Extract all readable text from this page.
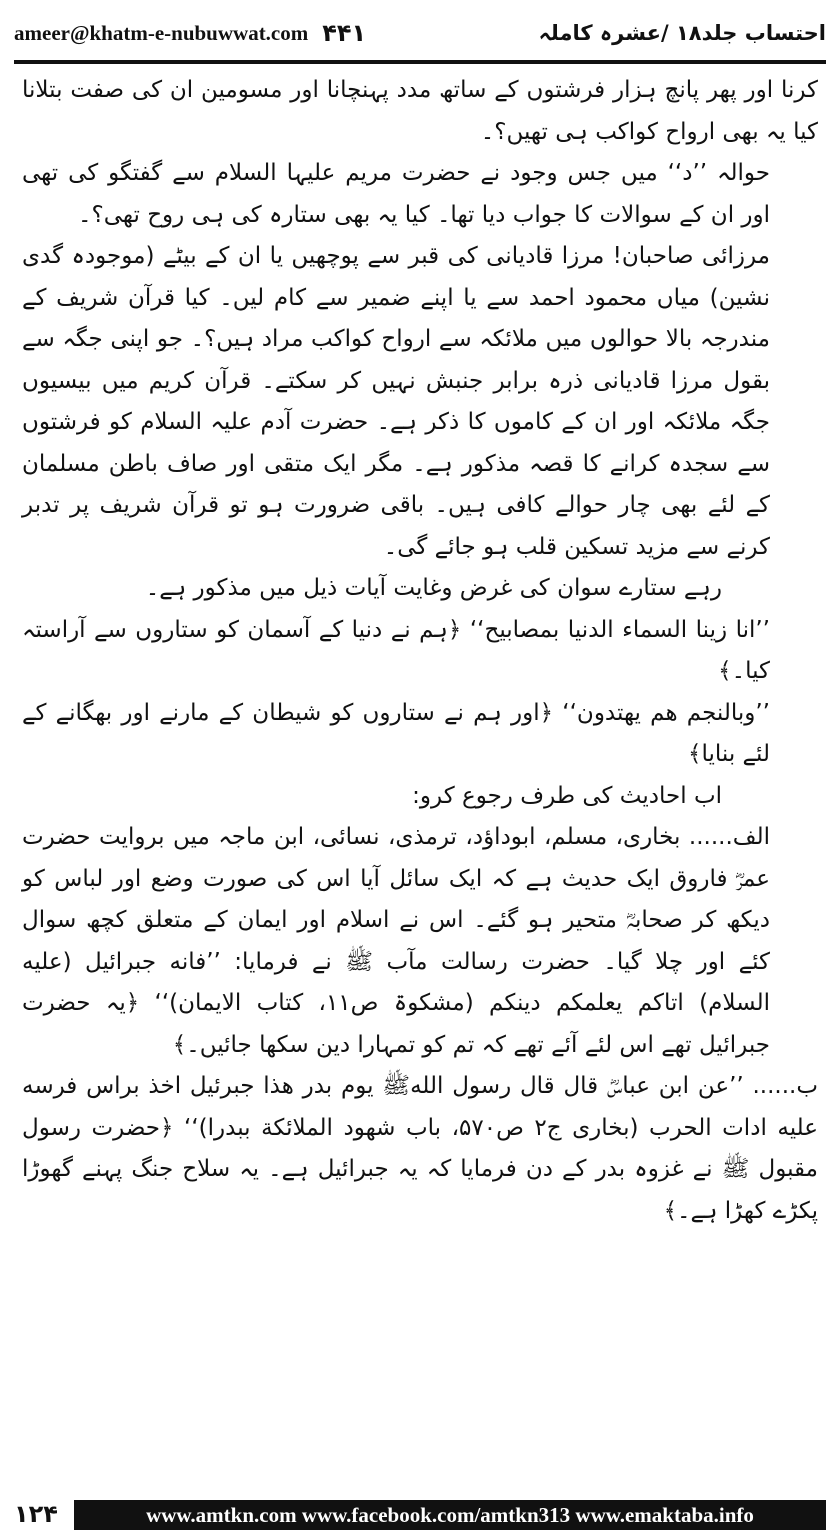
ameer@khatm-e-nubuwwat.com ۴۴۱	احتساب جلد۱۸ /عشرہ کاملہ

کرنا اور پھر پانچ ہزار فرشتوں کے ساتھ مدد پہنچانا اور مسومین ان کی صفت بتلانا کیا یہ بھی ارواح کواکب ہی تھیں؟۔

حوالہ ’’د‘‘ میں جس وجود نے حضرت مریم علیہا السلام سے گفتگو کی تھی اور ان کے سوالات کا جواب دیا تھا۔ کیا یہ بھی ستارہ کی ہی روح تھی؟۔

مرزائی صاحبان! مرزا قادیانی کی قبر سے پوچھیں یا ان کے بیٹے (موجودہ گدی نشین) میاں محمود احمد سے یا اپنے ضمیر سے کام لیں۔ کیا قرآن شریف کے مندرجہ بالا حوالوں میں ملائکہ سے ارواح کواکب مراد ہیں؟۔ جو اپنی جگہ سے بقول مرزا قادیانی ذرہ برابر جنبش نہیں کر سکتے۔ قرآن کریم میں بیسیوں جگہ ملائکہ اور ان کے کاموں کا ذکر ہے۔ حضرت آدم علیہ السلام کو فرشتوں سے سجدہ کرانے کا قصہ مذکور ہے۔ مگر ایک متقی اور صاف باطن مسلمان کے لئے بھی چار حوالے کافی ہیں۔ باقی ضرورت ہو تو قرآن شریف پر تدبر کرنے سے مزید تسکین قلب ہو جائے گی۔

رہے ستارے سوان کی غرض وغایت آیات ذیل میں مذکور ہے۔

’’انا زینا السماء الدنیا بمصابیح‘‘ ﴿ہم نے دنیا کے آسمان کو ستاروں سے آراستہ کیا۔﴾

’’وبالنجم هم یهتدون‘‘ ﴿اور ہم نے ستاروں کو شیطان کے مارنے اور بھگانے کے لئے بنایا﴾

اب احادیث کی طرف رجوع کرو:

الف...... بخاری، مسلم، ابوداؤد، ترمذی، نسائی، ابن ماجہ میں بروایت حضرت عمرؓ فاروق ایک حدیث ہے کہ ایک سائل آیا اس کی صورت وضع اور لباس کو دیکھ کر صحابہؓ متحیر ہو گئے۔ اس نے اسلام اور ایمان کے متعلق کچھ سوال کئے اور چلا گیا۔ حضرت رسالت مآب ﷺ نے فرمایا: ’’فانه جبرائیل (علیه السلام) اتاکم یعلمکم دینکم (مشکوۃ ص۱۱، کتاب الایمان)‘‘ ﴿یہ حضرت جبرائیل تھے اس لئے آئے تھے کہ تم کو تمہارا دین سکھا جائیں۔﴾

ب...... ’’عن ابن عباسؓ قال قال رسول اللهﷺ یوم بدر هذا جبرئیل اخذ براس فرسه علیه ادات الحرب (بخاری ج۲ ص۵۷۰، باب شهود الملائکة ببدرا)‘‘ ﴿حضرت رسول مقبول ﷺ نے غزوہ بدر کے دن فرمایا کہ یہ جبرائیل ہے۔ یہ سلاح جنگ پہنے گھوڑا پکڑے کھڑا ہے۔﴾

۱۲۴	www.amtkn.com www.facebook.com/amtkn313 www.emaktaba.info
